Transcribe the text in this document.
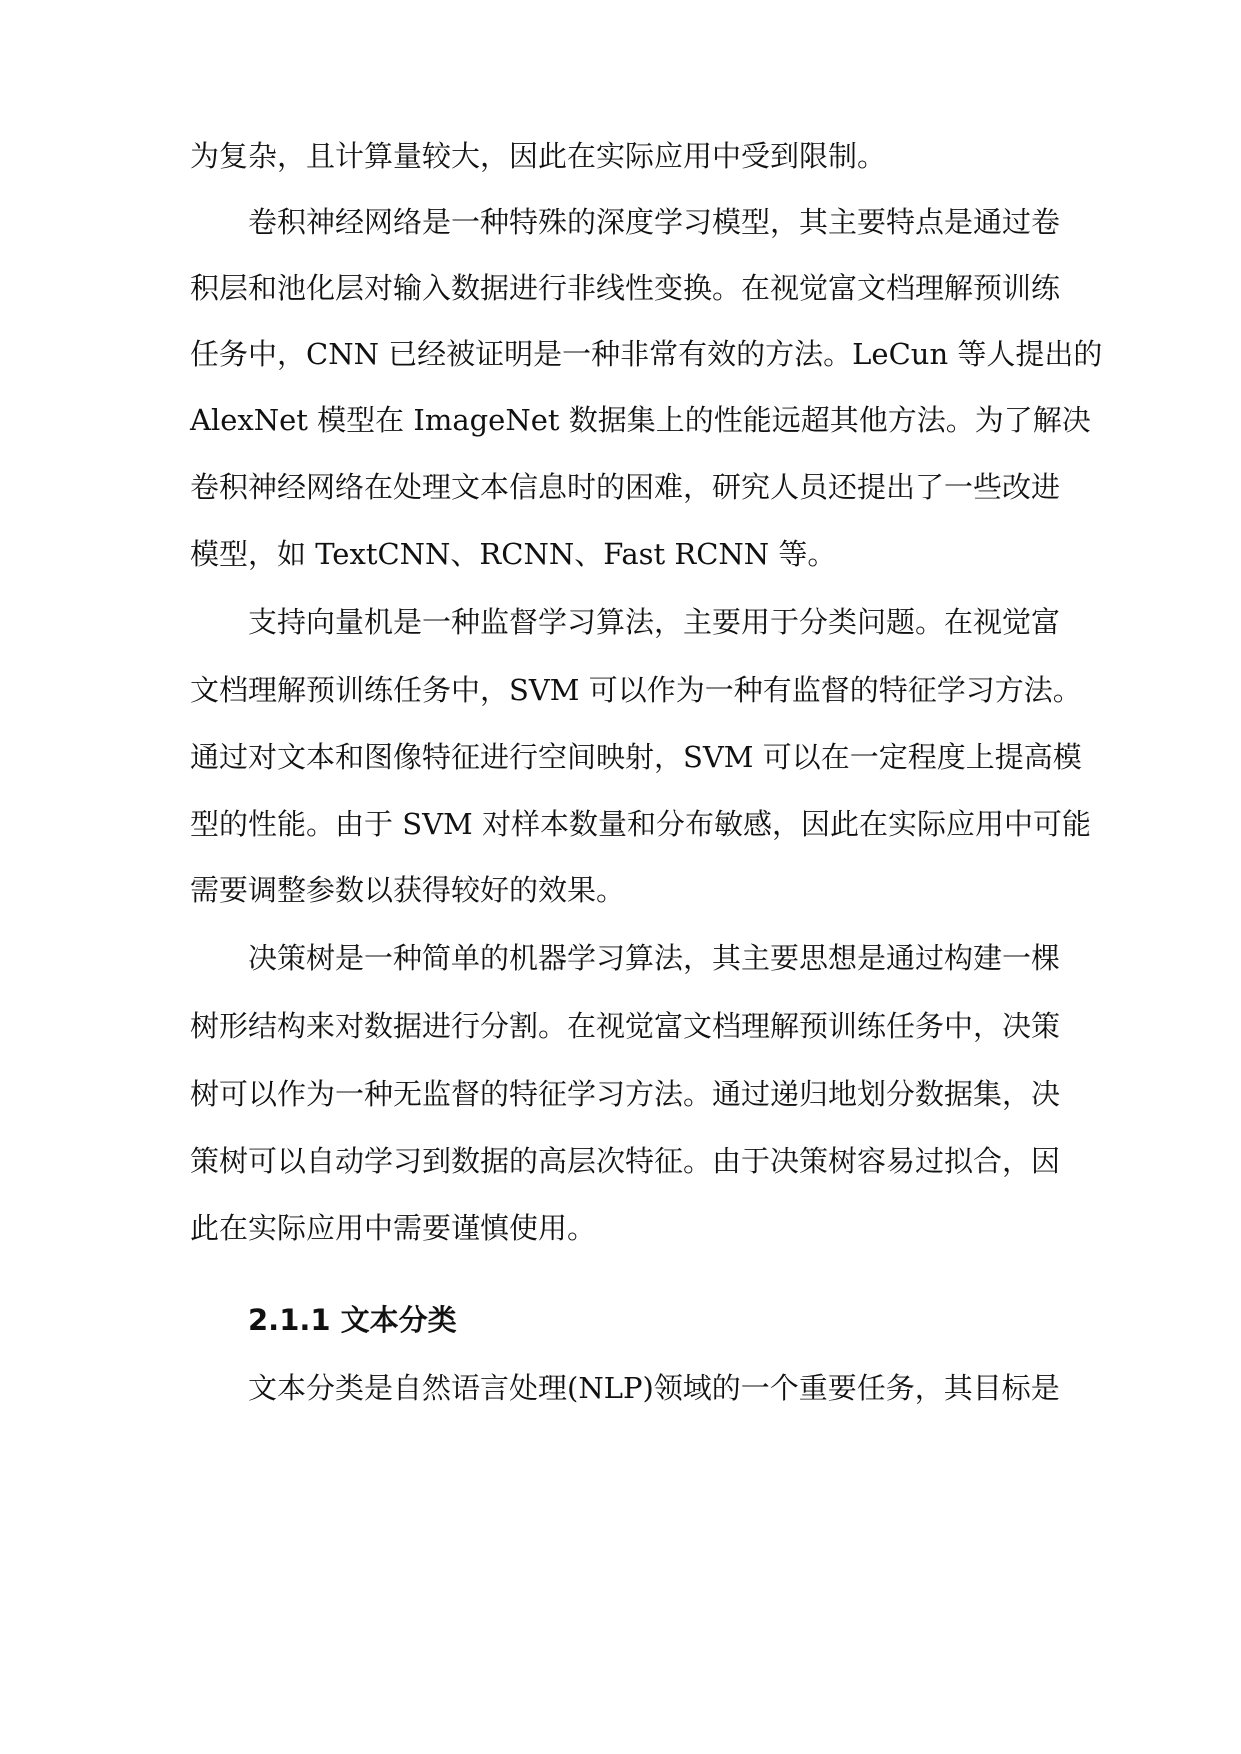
为复杂，且计算量较大，因此在实际应用中受到限制。
卷积神经网络是一种特殊的深度学习模型，其主要特点是通过卷
积层和池化层对输入数据进行非线性变换。在视觉富文档理解预训练
任务中，CNN 已经被证明是一种非常有效的方法。LeCun 等人提出的
AlexNet 模型在 ImageNet 数据集上的性能远超其他方法。为了解决
卷积神经网络在处理文本信息时的困难，研究人员还提出了一些改进
模型，如 TextCNN、RCNN、Fast RCNN 等。
支持向量机是一种监督学习算法，主要用于分类问题。在视觉富
文档理解预训练任务中，SVM 可以作为一种有监督的特征学习方法。
通过对文本和图像特征进行空间映射，SVM 可以在一定程度上提高模
型的性能。由于 SVM 对样本数量和分布敏感，因此在实际应用中可能
需要调整参数以获得较好的效果。
决策树是一种简单的机器学习算法，其主要思想是通过构建一棵
树形结构来对数据进行分割。在视觉富文档理解预训练任务中，决策
树可以作为一种无监督的特征学习方法。通过递归地划分数据集，决
策树可以自动学习到数据的高层次特征。由于决策树容易过拟合，因
此在实际应用中需要谨慎使用。
2.1.1 文本分类
文本分类是自然语言处理(NLP)领域的一个重要任务，其目标是
